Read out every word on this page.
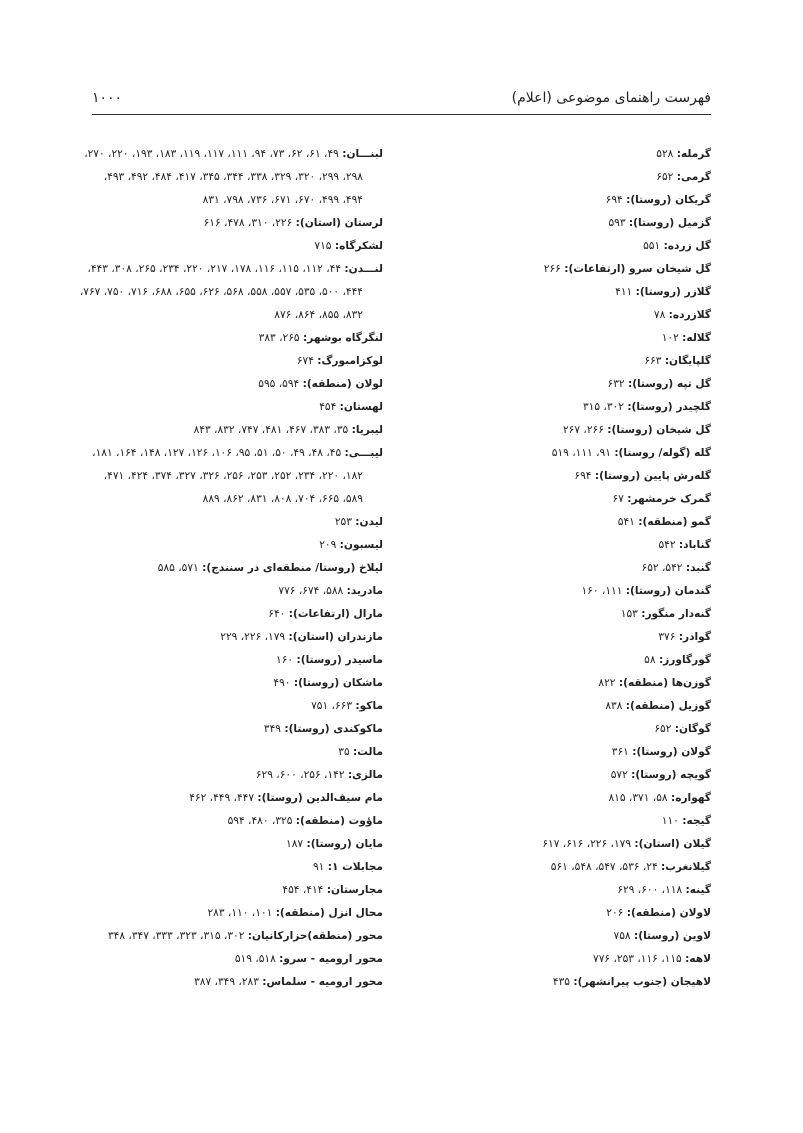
فهرست راهنمای موضوعی (اعلام)
۱۰۰۰
گرمله: ۵۲۸
گرمی: ۶۵۲
گریکان (روستا): ۶۹۴
گزمیل (روستا): ۵۹۳
گل زرده: ۵۵۱
گل شیخان سرو (ارتفاعات): ۲۶۶
گلازر (روستا): ۴۱۱
گلازرده: ۷۸
گلاله: ۱۰۲
گلپایگان: ۶۶۳
گل تپه (روستا): ۶۳۲
گلچیدر (روستا): ۳۰۲، ۳۱۵
گل شیخان (روستا): ۲۶۶، ۲۶۷
گله (گوله/ روستا): ۹۱، ۱۱۱، ۵۱۹
گله‌رش پایین (روستا): ۶۹۴
گمرک خرمشهر: ۶۷
گمو (منطقه): ۵۴۱
گناباد: ۵۴۲
گنبد: ۵۴۲، ۶۵۲
گندمان (روستا): ۱۱۱، ۱۶۰
گنه‌دار منگور: ۱۵۳
گوادر: ۳۷۶
گورگاورز: ۵۸
گوزن‌ها (منطقه): ۸۲۲
گوزیل (منطقه): ۸۳۸
گوگان: ۶۵۲
گولان (روستا): ۳۶۱
گویچه (روستا): ۵۷۲
گهواره: ۵۸، ۳۷۱، ۸۱۵
گیجه: ۱۱۰
گیلان (استان): ۱۷۹، ۲۲۶، ۶۱۶، ۶۱۷
گیلانغرب: ۲۴، ۵۳۶، ۵۴۷، ۵۴۸، ۵۶۱
گینه: ۱۱۸، ۶۰۰، ۶۲۹
لاولان (منطقه): ۲۰۶
لاوین (روستا): ۷۵۸
لاهه: ۱۱۵، ۱۱۶، ۲۵۳، ۷۷۶
لاهیجان (جنوب پیرانشهر): ۴۳۵
لبنـــان: ۴۹، ۶۱، ۶۲، ۷۳، ۹۴، ۱۱۱، ۱۱۷، ۱۱۹، ۱۸۳، ۱۹۳، ۲۲۰، ۲۷۰،
۲۹۸، ۲۹۹، ۳۲۰، ۳۲۹، ۳۳۸، ۳۴۴، ۳۴۵، ۴۱۷، ۴۸۴، ۴۹۲، ۴۹۳،
۴۹۴، ۴۹۹، ۶۷۰، ۶۷۱، ۷۳۶، ۷۹۸، ۸۳۱
لرستان (استان): ۲۲۶، ۳۱۰، ۴۷۸، ۶۱۶
لشکرگاه: ۷۱۵
لنـــدن: ۴۴، ۱۱۲، ۱۱۵، ۱۱۶، ۱۷۸، ۲۱۷، ۲۲۰، ۲۳۴، ۲۶۵، ۳۰۸، ۴۴۳،
۴۴۴، ۵۰۰، ۵۳۵، ۵۵۷، ۵۵۸، ۵۶۸، ۶۲۶، ۶۵۵، ۶۸۸، ۷۱۶، ۷۵۰، ۷۶۷،
۸۳۲، ۸۵۵، ۸۶۴، ۸۷۶
لنگرگاه بوشهر: ۲۶۵، ۳۸۳
لوکزامبورگ: ۶۷۴
لولان (منطقه): ۵۹۴، ۵۹۵
لهستان: ۴۵۴
لیبریا: ۳۵، ۳۸۳، ۴۶۷، ۴۸۱، ۷۴۷، ۸۳۲، ۸۴۳
لیبـــی: ۴۵، ۴۸، ۴۹، ۵۰، ۵۱، ۹۵، ۱۰۶، ۱۲۶، ۱۲۷، ۱۴۸، ۱۶۴، ۱۸۱،
۱۸۲، ۲۲۰، ۲۳۴، ۲۵۲، ۲۵۳، ۲۵۶، ۳۲۶، ۳۲۷، ۳۷۴، ۴۲۴، ۴۷۱،
۵۸۹، ۶۶۵، ۷۰۴، ۸۰۸، ۸۳۱، ۸۶۲، ۸۸۹
لیدن: ۲۵۳
لیسبون: ۲۰۹
لیلاخ (روستا/ منطقه‌ای در سنندج): ۵۷۱، ۵۸۵
مادرید: ۵۸۸، ۶۷۴، ۷۷۶
مارال (ارتفاعات): ۶۴۰
مازندران (استان): ۱۷۹، ۲۲۶، ۲۲۹
ماسیدر (روستا): ۱۶۰
ماشکان (روستا): ۴۹۰
ماکو: ۶۶۳، ۷۵۱
ماکوکندی (روستا): ۳۴۹
مالت: ۳۵
مالزی: ۱۴۲، ۲۵۶، ۶۰۰، ۶۲۹
مام سیف‌الدین (روستا): ۴۴۷، ۴۴۹، ۴۶۲
ماؤوت (منطقه): ۳۲۵، ۴۸۰، ۵۹۴
مایان (روستا): ۱۸۷
مجابلات ۱: ۹۱
مجارستان: ۴۱۴، ۴۵۴
محال انزل (منطقه): ۱۰۱، ۱۱۰، ۲۸۳
محور (منطقه)حزارکانیان: ۳۰۲، ۳۱۵، ۳۲۳، ۳۳۳، ۳۴۷، ۳۴۸
محور ارومیه - سرو: ۵۱۸، ۵۱۹
محور ارومیه - سلماس: ۲۸۳، ۳۴۹، ۳۸۷
